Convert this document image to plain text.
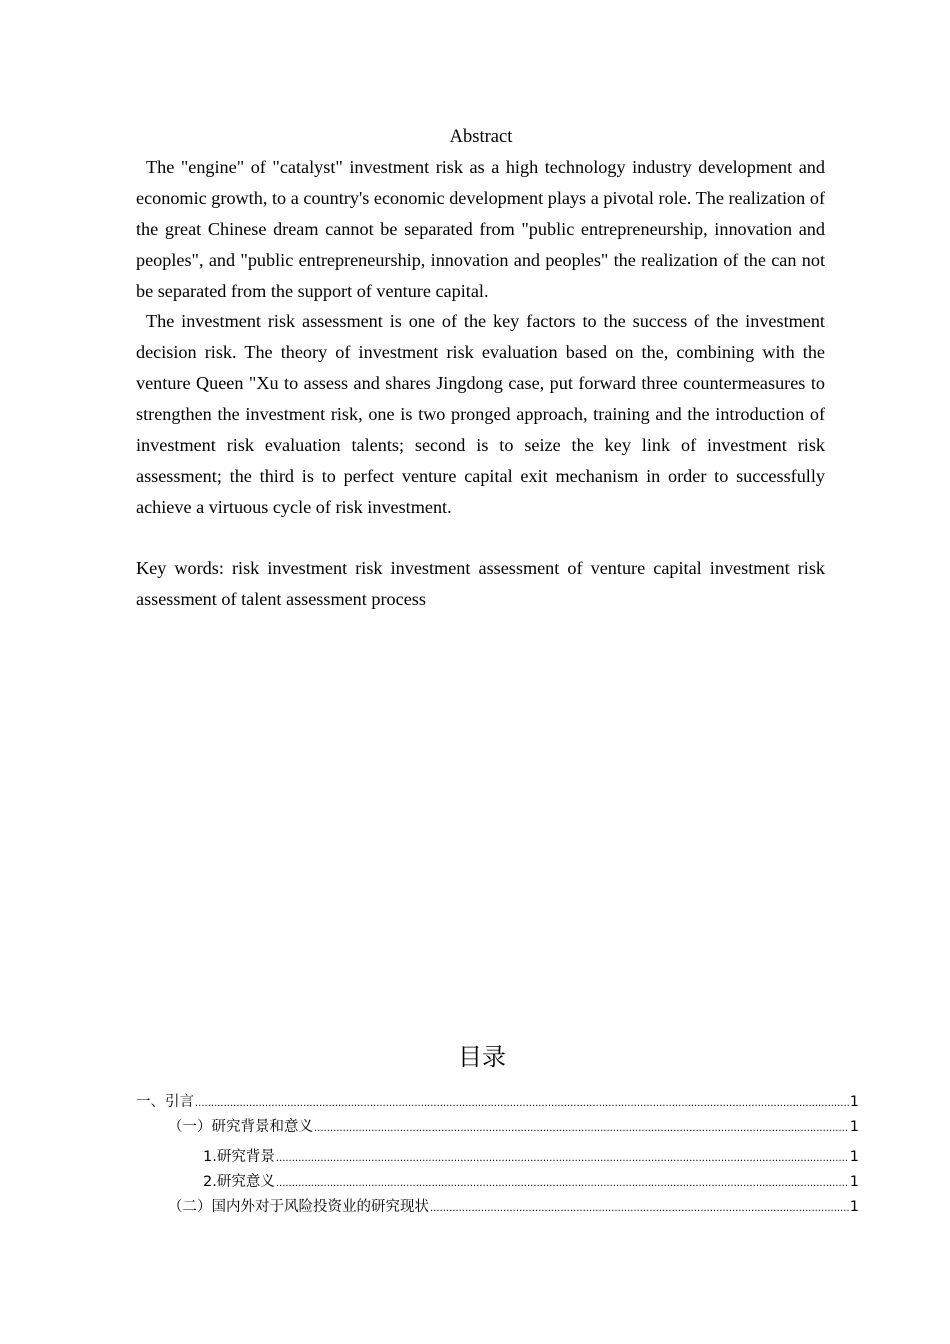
Abstract

The "engine" of "catalyst" investment risk as a high technology industry development and economic growth, to a country's economic development plays a pivotal role. The realization of the great Chinese dream cannot be separated from "public entrepreneurship, innovation and peoples", and "public entrepreneurship, innovation and peoples" the realization of the can not be separated from the support of venture capital.

The investment risk assessment is one of the key factors to the success of the investment decision risk. The theory of investment risk evaluation based on the, combining with the venture Queen "Xu to assess and shares Jingdong case, put forward three countermeasures to strengthen the investment risk, one is two pronged approach, training and the introduction of investment risk evaluation talents; second is to seize the key link of investment risk assessment; the third is to perfect venture capital exit mechanism in order to successfully achieve a virtuous cycle of risk investment.

Key words: risk investment risk investment assessment of venture capital investment risk assessment of talent assessment process

目录
一、引言 .....	1
（一）研究背景和意义 .....	1
1.研究背景 .....	1
2.研究意义 .....	1
（二）国内外对于风险投资业的研究现状 .....	1
